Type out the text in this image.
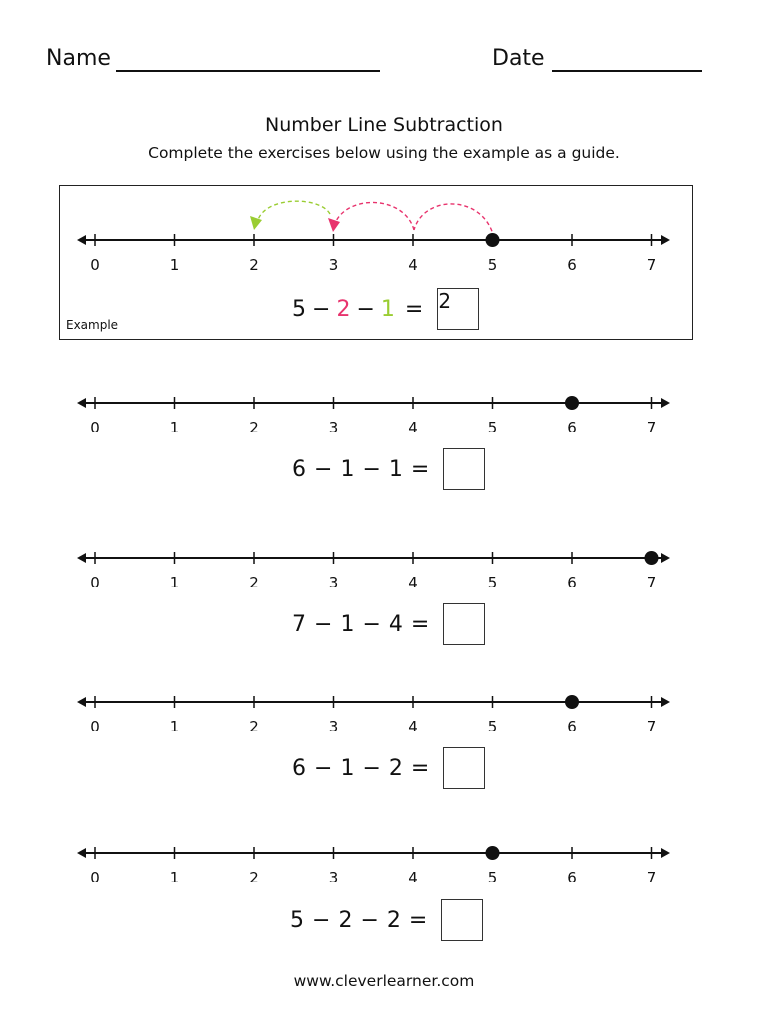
Name	Date
Number Line Subtraction
Complete the exercises below using the example as a guide.
Example
0	1	2	3	4	5	6	7
5 − 2 − 1 = 2
0	1	2	3	4	5	6	7
6 − 1 − 1 =
0	1	2	3	4	5	6	7
7 − 1 − 4 =
0	1	2	3	4	5	6	7
6 − 1 − 2 =
0	1	2	3	4	5	6	7
5 − 2 − 2 =
www.cleverlearner.com
